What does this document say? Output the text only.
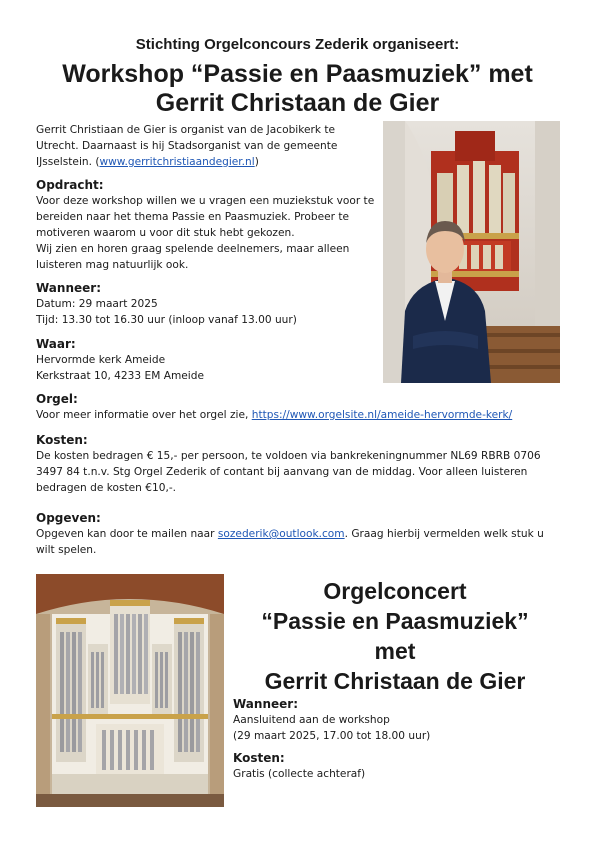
Stichting Orgelconcours Zederik organiseert:
Workshop “Passie en Paasmuziek” met
Gerrit Christaan de Gier
Gerrit Christiaan de Gier is organist van de Jacobikerk te
Utrecht. Daarnaast is hij Stadsorganist van de gemeente
IJsselstein. (www.gerritchristiaandegier.nl)
Opdracht:
Voor deze workshop willen we u vragen een muziekstuk voor te
bereiden naar het thema Passie en Paasmuziek. Probeer te
motiveren waarom u voor dit stuk hebt gekozen.
Wij zien en horen graag spelende deelnemers, maar alleen
luisteren mag natuurlijk ook.
Wanneer:
Datum: 29 maart 2025
Tijd: 13.30 tot 16.30 uur (inloop vanaf 13.00 uur)
Waar:
Hervormde kerk Ameide
Kerkstraat 10, 4233 EM Ameide
Orgel:
Voor meer informatie over het orgel zie, https://www.orgelsite.nl/ameide-hervormde-kerk/
Kosten:
De kosten bedragen € 15,- per persoon, te voldoen via bankrekeningnummer NL69 RBRB 0706
3497 84 t.n.v. Stg Orgel Zederik of contant bij aanvang van de middag. Voor alleen luisteren
bedragen de kosten €10,-.
Opgeven:
Opgeven kan door te mailen naar sozederik@outlook.com. Graag hierbij vermelden welk stuk u
wilt spelen.
Orgelconcert
“Passie en Paasmuziek”
met
Gerrit Christaan de Gier
Wanneer:
Aansluitend aan de workshop
(29 maart 2025, 17.00 tot 18.00 uur)
Kosten:
Gratis (collecte achteraf)
